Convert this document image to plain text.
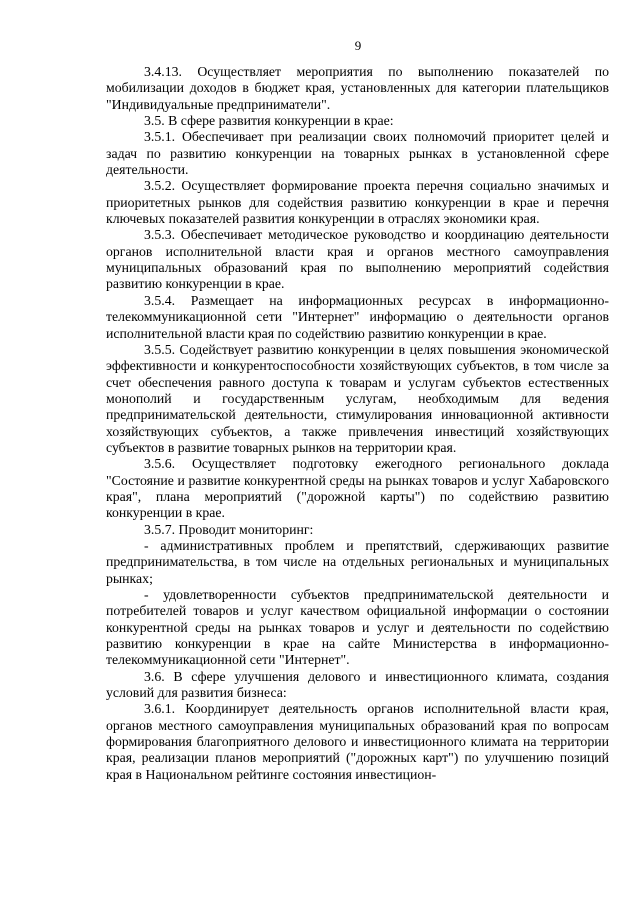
9

3.4.13. Осуществляет мероприятия по выполнению показателей по мобилизации доходов в бюджет края, установленных для категории плательщиков "Индивидуальные предприниматели".

3.5. В сфере развития конкуренции в крае:

3.5.1. Обеспечивает при реализации своих полномочий приоритет целей и задач по развитию конкуренции на товарных рынках в установленной сфере деятельности.

3.5.2. Осуществляет формирование проекта перечня социально значимых и приоритетных рынков для содействия развитию конкуренции в крае и перечня ключевых показателей развития конкуренции в отраслях экономики края.

3.5.3. Обеспечивает методическое руководство и координацию деятельности органов исполнительной власти края и органов местного самоуправления муниципальных образований края по выполнению мероприятий содействия развитию конкуренции в крае.

3.5.4. Размещает на информационных ресурсах в информационно-телекоммуникационной сети "Интернет" информацию о деятельности органов исполнительной власти края по содействию развитию конкуренции в крае.

3.5.5. Содействует развитию конкуренции в целях повышения экономической эффективности и конкурентоспособности хозяйствующих субъектов, в том числе за счет обеспечения равного доступа к товарам и услугам субъектов естественных монополий и государственным услугам, необходимым для ведения предпринимательской деятельности, стимулирования инновационной активности хозяйствующих субъектов, а также привлечения инвестиций хозяйствующих субъектов в развитие товарных рынков на территории края.

3.5.6. Осуществляет подготовку ежегодного регионального доклада "Состояние и развитие конкурентной среды на рынках товаров и услуг Хабаровского края", плана мероприятий ("дорожной карты") по содействию развитию конкуренции в крае.

3.5.7. Проводит мониторинг:

- административных проблем и препятствий, сдерживающих развитие предпринимательства, в том числе на отдельных региональных и муниципальных рынках;

- удовлетворенности субъектов предпринимательской деятельности и потребителей товаров и услуг качеством официальной информации о состоянии конкурентной среды на рынках товаров и услуг и деятельности по содействию развитию конкуренции в крае на сайте Министерства в информационно-телекоммуникационной сети "Интернет".

3.6. В сфере улучшения делового и инвестиционного климата, создания условий для развития бизнеса:

3.6.1. Координирует деятельность органов исполнительной власти края, органов местного самоуправления муниципальных образований края по вопросам формирования благоприятного делового и инвестиционного климата на территории края, реализации планов мероприятий ("дорожных карт") по улучшению позиций края в Национальном рейтинге состояния инвестицион-
